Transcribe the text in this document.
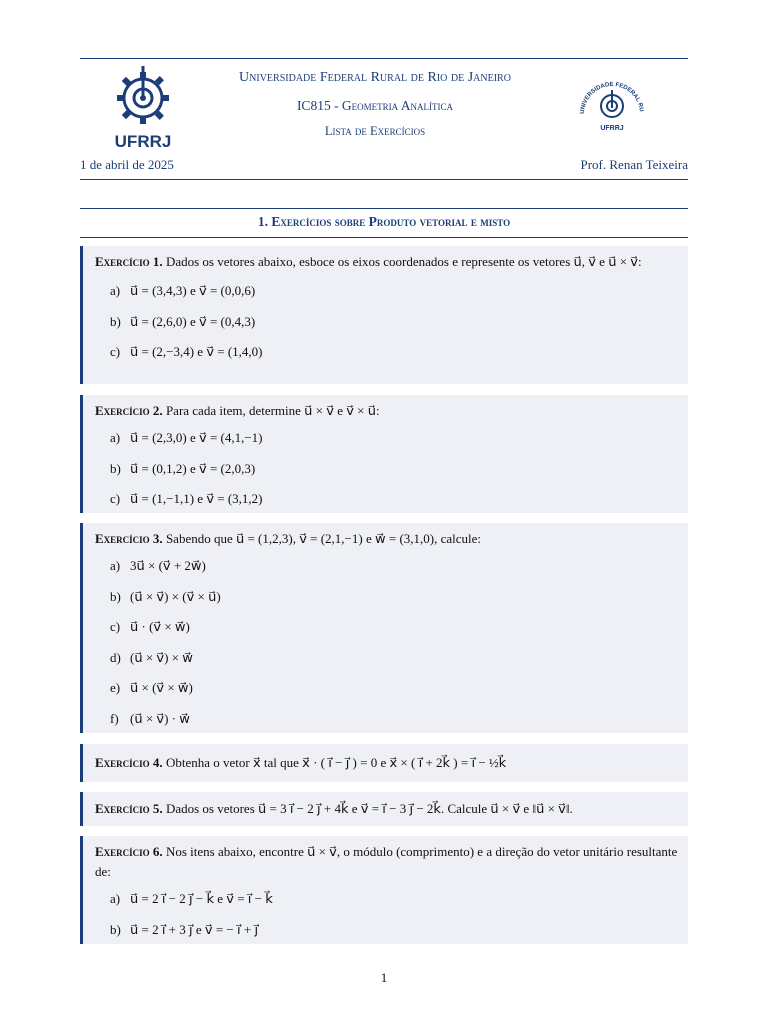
UFRRJ
Universidade Federal Rural de Rio de Janeiro
IC815 - Geometria Analítica
Lista de Exercícios
UNIVERSIDADE FEDERAL RU
UFRRJ
1 de abril de 2025	Prof. Renan Teixeira
1. Exercícios sobre Produto vetorial e misto
Exercício 1. Dados os vetores abaixo, esboce os eixos coordenados e represente os vetores u⃗, v⃗ e u⃗ × v⃗:
a) u⃗ = (3,4,3) e v⃗ = (0,0,6)
b) u⃗ = (2,6,0) e v⃗ = (0,4,3)
c) u⃗ = (2,−3,4) e v⃗ = (1,4,0)
Exercício 2. Para cada item, determine u⃗ × v⃗ e v⃗ × u⃗:
a) u⃗ = (2,3,0) e v⃗ = (4,1,−1)
b) u⃗ = (0,1,2) e v⃗ = (2,0,3)
c) u⃗ = (1,−1,1) e v⃗ = (3,1,2)
Exercício 3. Sabendo que u⃗ = (1,2,3), v⃗ = (2,1,−1) e w⃗ = (3,1,0), calcule:
a) 3u⃗ × (v⃗ + 2w⃗)
b) (u⃗ × v⃗) × (v⃗ × u⃗)
c) u⃗ · (v⃗ × w⃗)
d) (u⃗ × v⃗) × w⃗
e) u⃗ × (v⃗ × w⃗)
f) (u⃗ × v⃗) · w⃗
Exercício 4. Obtenha o vetor x⃗ tal que x⃗ · ( i⃗ − j⃗ ) = 0 e x⃗ × ( i⃗ + 2k⃗ ) = i⃗ − ½k⃗
Exercício 5. Dados os vetores u⃗ = 3 i⃗ − 2 j⃗ + 4k⃗ e v⃗ = i⃗ − 3 j⃗ − 2k⃗. Calcule u⃗ × v⃗ e ‖u⃗ × v⃗‖.
Exercício 6. Nos itens abaixo, encontre u⃗ × v⃗, o módulo (comprimento) e a direção do vetor unitário resultante de:
a) u⃗ = 2 i⃗ − 2 j⃗ − k⃗ e v⃗ = i⃗ − k⃗
b) u⃗ = 2 i⃗ + 3 j⃗ e v⃗ = − i⃗ + j⃗
1
